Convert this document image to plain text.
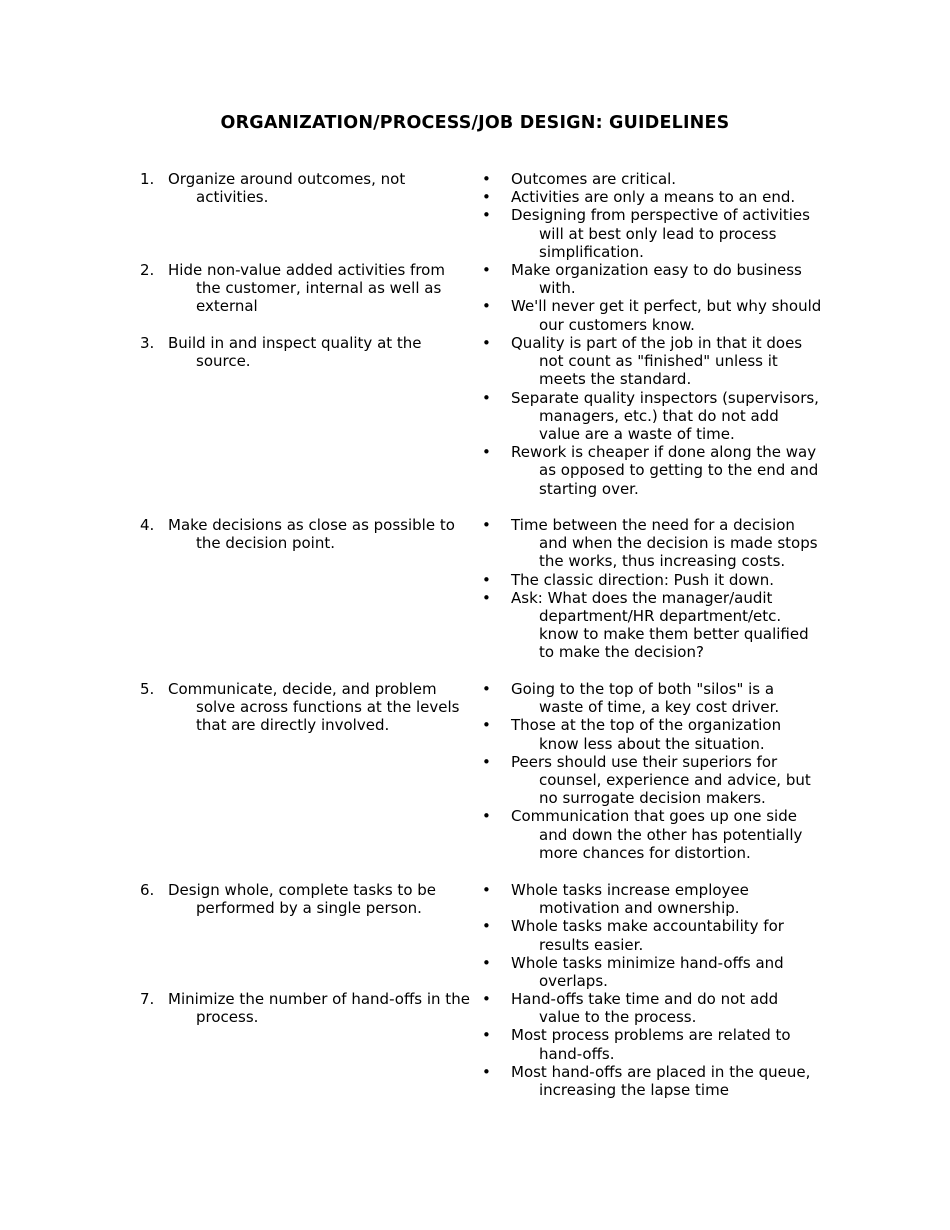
ORGANIZATION/PROCESS/JOB DESIGN: GUIDELINES
1. Organize around outcomes, not activities.
• Outcomes are critical.
• Activities are only a means to an end.
• Designing from perspective of activities will at best only lead to process simplification.
2. Hide non-value added activities from the customer, internal as well as external
• Make organization easy to do business with.
• We'll never get it perfect, but why should our customers know.
3. Build in and inspect quality at the source.
• Quality is part of the job in that it does not count as "finished" unless it meets the standard.
• Separate quality inspectors (supervisors, managers, etc.) that do not add value are a waste of time.
• Rework is cheaper if done along the way as opposed to getting to the end and starting over.
4. Make decisions as close as possible to the decision point.
• Time between the need for a decision and when the decision is made stops the works, thus increasing costs.
• The classic direction: Push it down.
• Ask: What does the manager/audit department/HR department/etc. know to make them better qualified to make the decision?
5. Communicate, decide, and problem solve across functions at the levels that are directly involved.
• Going to the top of both "silos" is a waste of time, a key cost driver.
• Those at the top of the organization know less about the situation.
• Peers should use their superiors for counsel, experience and advice, but no surrogate decision makers.
• Communication that goes up one side and down the other has potentially more chances for distortion.
6. Design whole, complete tasks to be performed by a single person.
• Whole tasks increase employee motivation and ownership.
• Whole tasks make accountability for results easier.
• Whole tasks minimize hand-offs and overlaps.
7. Minimize the number of hand-offs in the process.
• Hand-offs take time and do not add value to the process.
• Most process problems are related to hand-offs.
• Most hand-offs are placed in the queue, increasing the lapse time
